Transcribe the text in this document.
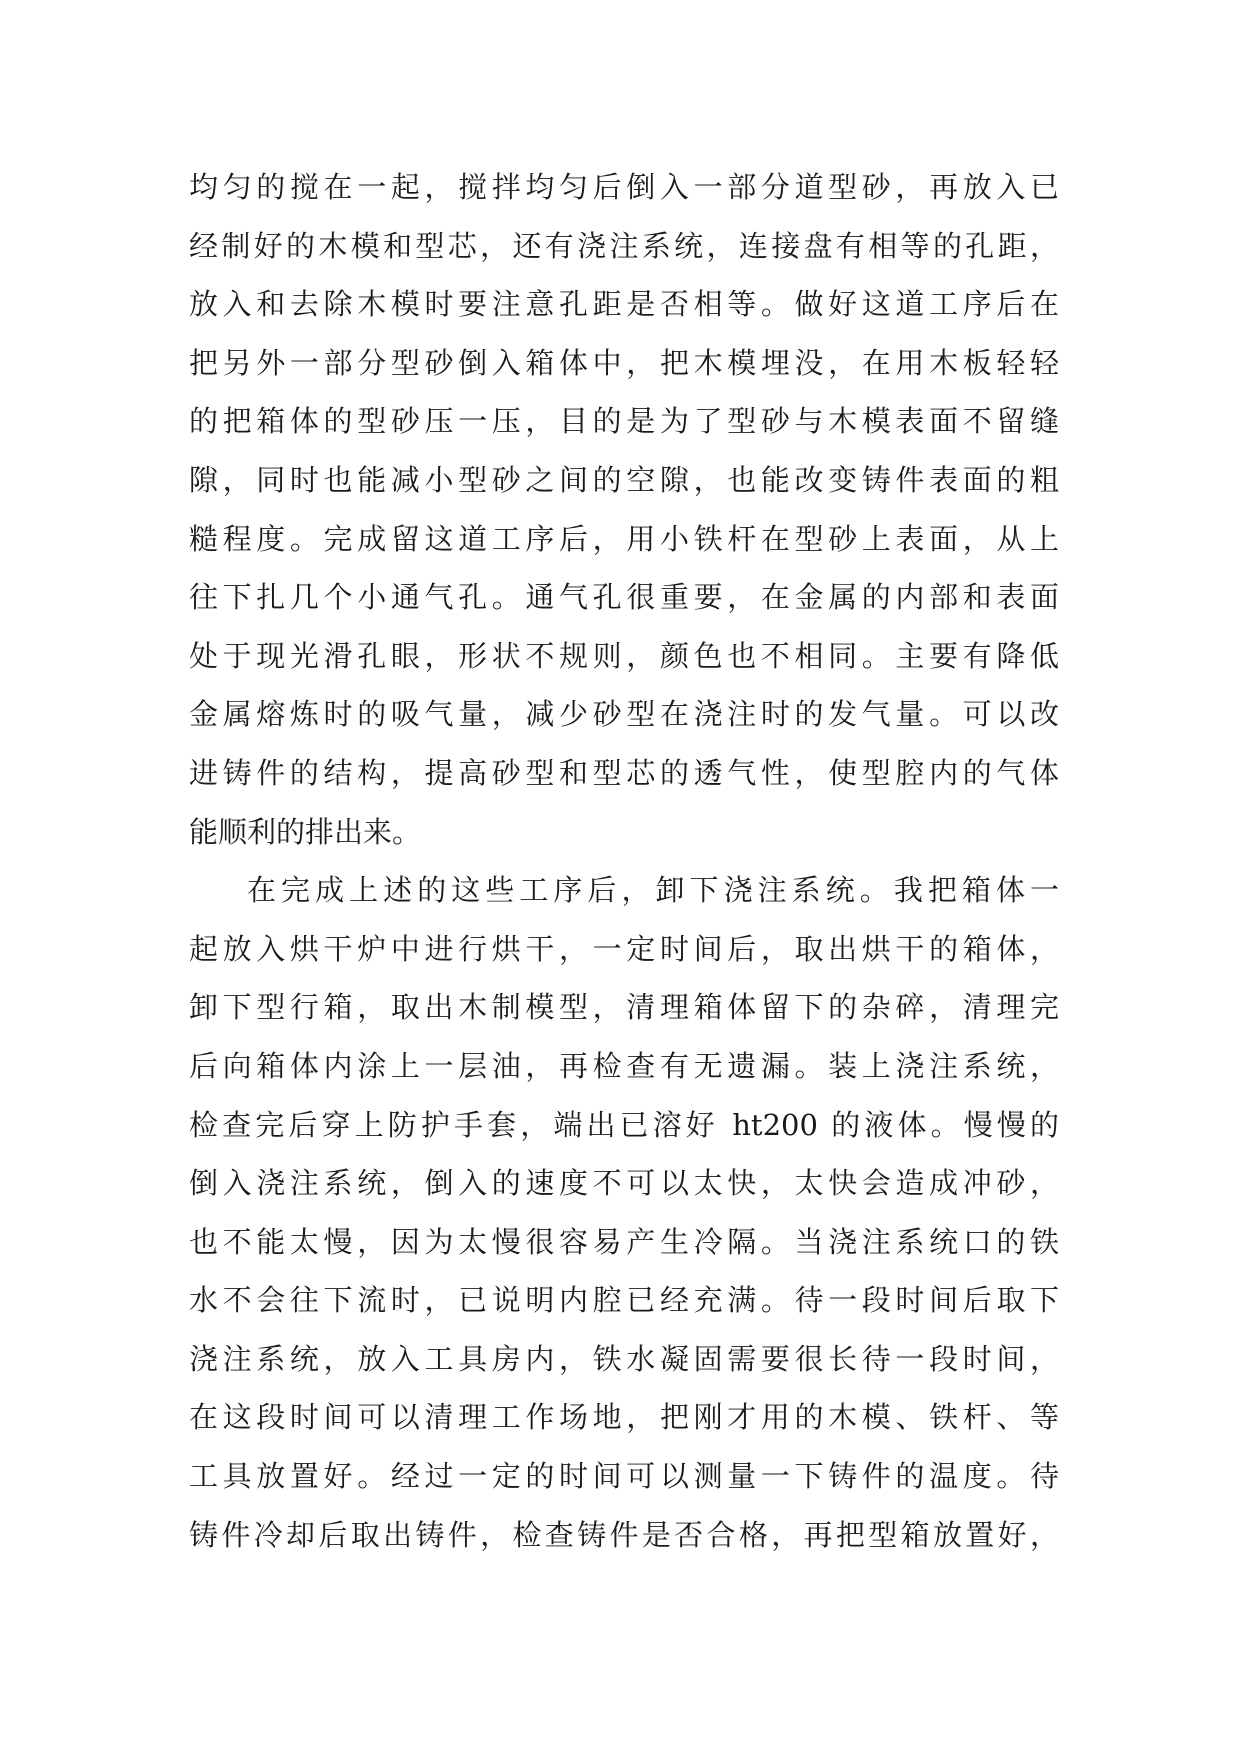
均匀的搅在一起，搅拌均匀后倒入一部分道型砂，再放入已
经制好的木模和型芯，还有浇注系统，连接盘有相等的孔距，
放入和去除木模时要注意孔距是否相等。做好这道工序后在
把另外一部分型砂倒入箱体中，把木模埋没，在用木板轻轻
的把箱体的型砂压一压，目的是为了型砂与木模表面不留缝
隙，同时也能减小型砂之间的空隙，也能改变铸件表面的粗
糙程度。完成留这道工序后，用小铁杆在型砂上表面，从上
往下扎几个小通气孔。通气孔很重要，在金属的内部和表面
处于现光滑孔眼，形状不规则，颜色也不相同。主要有降低
金属熔炼时的吸气量，减少砂型在浇注时的发气量。可以改
进铸件的结构，提高砂型和型芯的透气性，使型腔内的气体
能顺利的排出来。
在完成上述的这些工序后，卸下浇注系统。我把箱体一
起放入烘干炉中进行烘干，一定时间后，取出烘干的箱体，
卸下型行箱，取出木制模型，清理箱体留下的杂碎，清理完
后向箱体内涂上一层油，再检查有无遗漏。装上浇注系统，
检查完后穿上防护手套，端出已溶好 ht200 的液体。慢慢的
倒入浇注系统，倒入的速度不可以太快，太快会造成冲砂，
也不能太慢，因为太慢很容易产生冷隔。当浇注系统口的铁
水不会往下流时，已说明内腔已经充满。待一段时间后取下
浇注系统，放入工具房内，铁水凝固需要很长待一段时间，
在这段时间可以清理工作场地，把刚才用的木模、铁杆、等
工具放置好。经过一定的时间可以测量一下铸件的温度。待
铸件冷却后取出铸件，检查铸件是否合格，再把型箱放置好，
